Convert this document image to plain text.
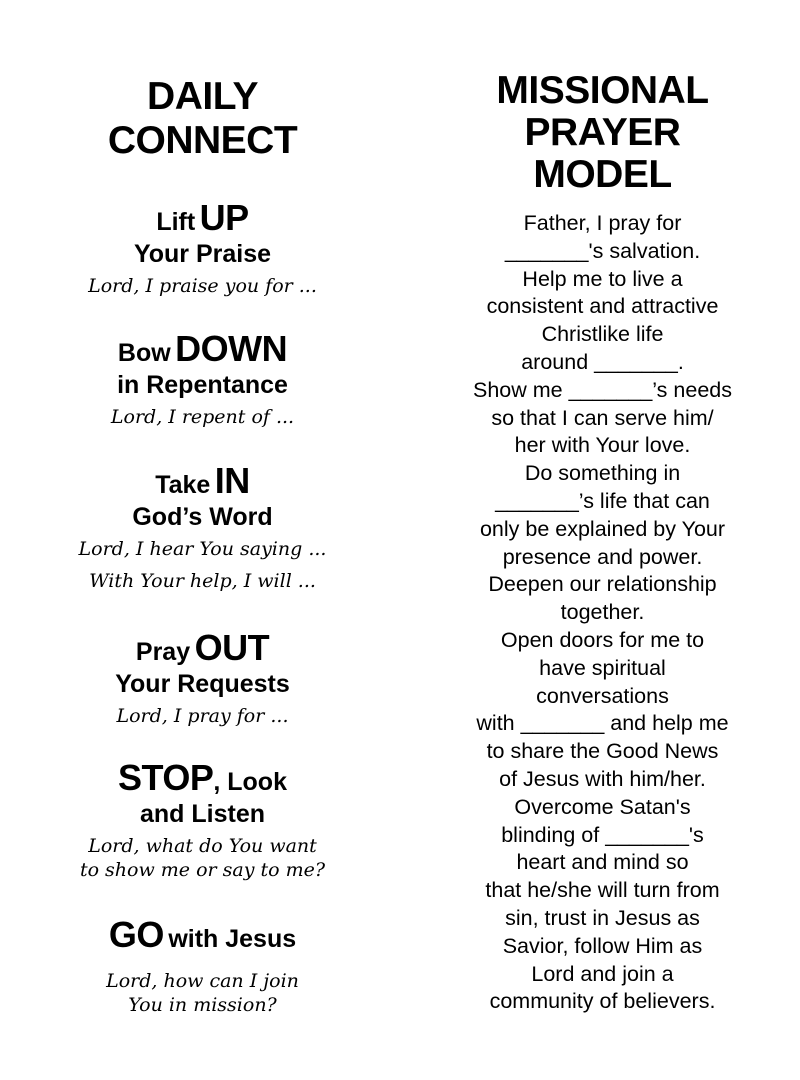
DAILY
CONNECT
Lift UP
Your Praise
Lord, I praise you for ...
Bow DOWN
in Repentance
Lord, I repent of ...
Take IN
God’s Word
Lord, I hear You saying ...
With Your help, I will ...
Pray OUT
Your Requests
Lord, I pray for ...
STOP, Look
and Listen
Lord, what do You want
to show me or say to me?
GO with Jesus
Lord, how can I join
You in mission?
MISSIONAL
PRAYER
MODEL
Father, I pray for
_______'s salvation.
Help me to live a
consistent and attractive
Christlike life
around _______.
Show me _______’s needs
so that I can serve him/
her with Your love.
Do something in
_______’s life that can
only be explained by Your
presence and power.
Deepen our relationship
together.
Open doors for me to
have spiritual
conversations
with _______ and help me
to share the Good News
of Jesus with him/her.
Overcome Satan's
blinding of _______'s
heart and mind so
that he/she will turn from
sin, trust in Jesus as
Savior, follow Him as
Lord and join a
community of believers.
